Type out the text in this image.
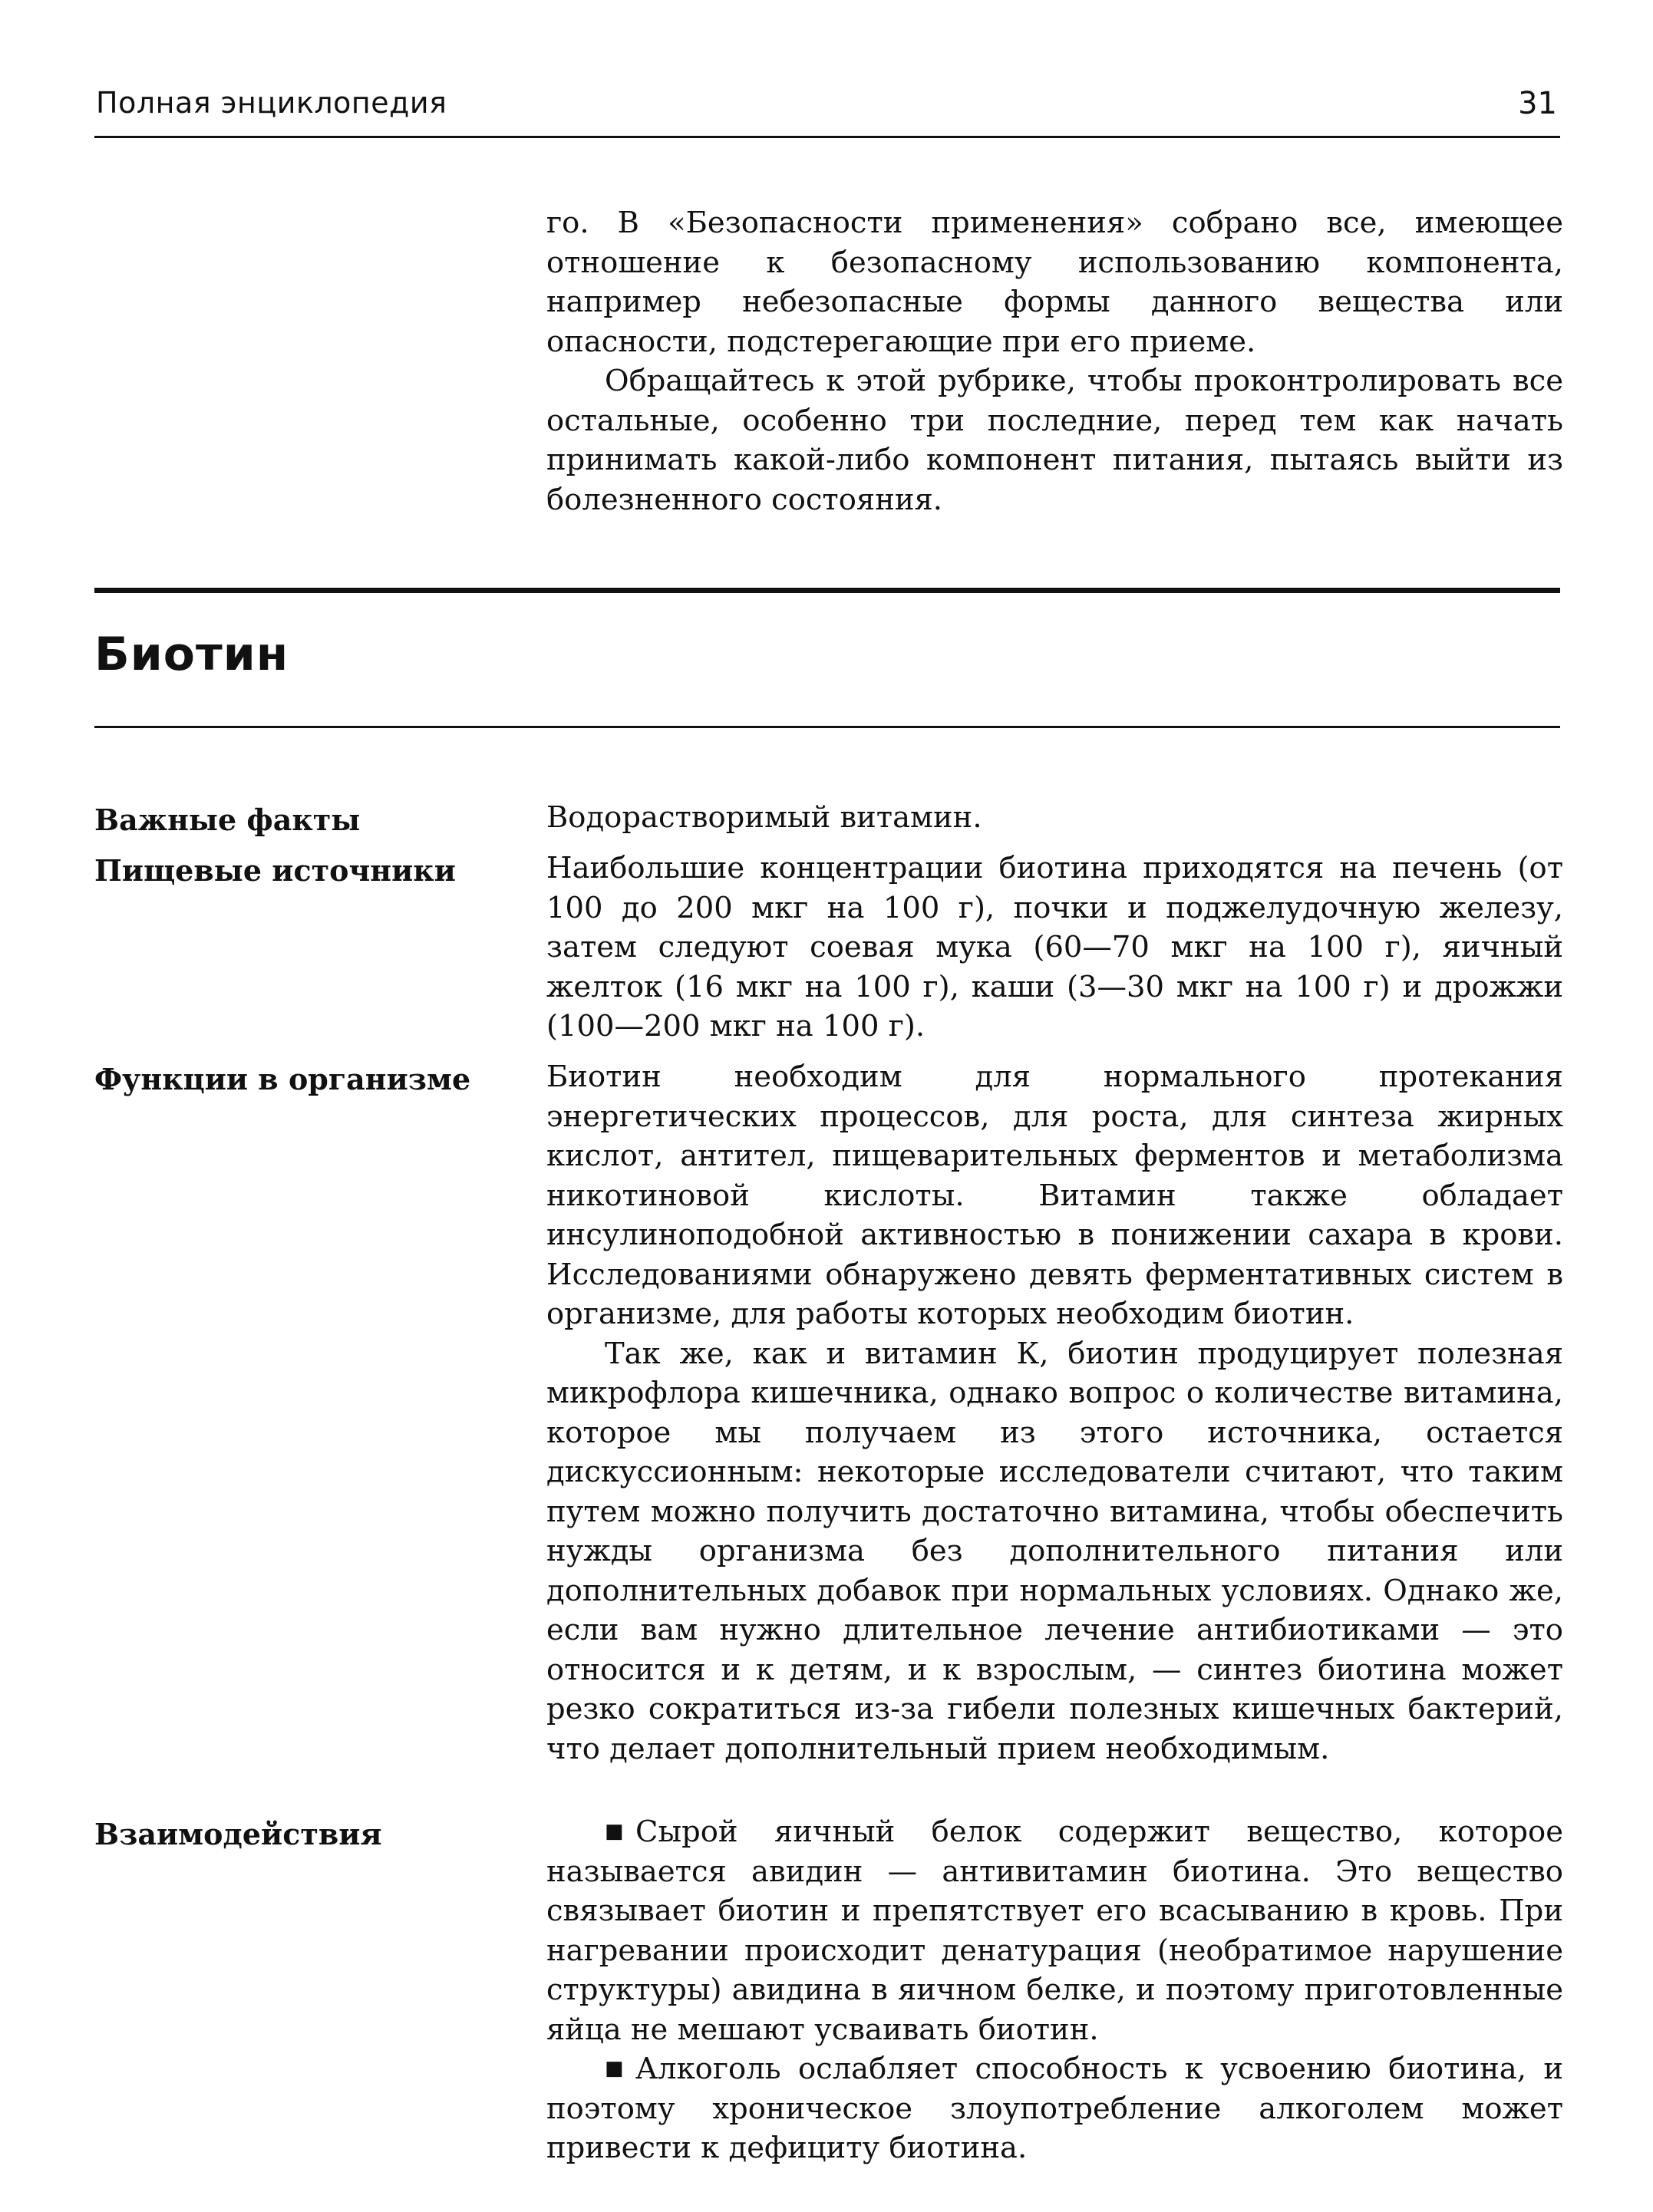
Полная энциклопедия	31

го. В «Безопасности применения» собрано все, имеющее отношение к безопасному использованию компонента, например небезопасные формы данного вещества или опасности, подстерегающие при его приеме.

Обращайтесь к этой рубрике, чтобы проконтролировать все остальные, особенно три последние, перед тем как начать принимать какой-либо компонент питания, пытаясь выйти из болезненного состояния.

Биотин
Важные факты	Водорастворимый витамин.

Пищевые источники	Наибольшие концентрации биотина приходятся на печень (от 100 до 200 мкг на 100 г), почки и поджелудочную железу, затем следуют соевая мука (60—70 мкг на 100 г), яичный желток (16 мкг на 100 г), каши (3—30 мкг на 100 г) и дрожжи (100—200 мкг на 100 г).

Функции в организме	Биотин необходим для нормального протекания энергетических процессов, для роста, для синтеза жирных кислот, антител, пищеварительных ферментов и метаболизма никотиновой кислоты. Витамин также обладает инсулиноподобной активностью в понижении сахара в крови. Исследованиями обнаружено девять ферментативных систем в организме, для работы которых необходим биотин.

Так же, как и витамин К, биотин продуцирует полезная микрофлора кишечника, однако вопрос о количестве витамина, которое мы получаем из этого источника, остается дискуссионным: некоторые исследователи считают, что таким путем можно получить достаточно витамина, чтобы обеспечить нужды организма без дополнительного питания или дополнительных добавок при нормальных условиях. Однако же, если вам нужно длительное лечение антибиотиками — это относится и к детям, и к взрослым, — синтез биотина может резко сократиться из-за гибели полезных кишечных бактерий, что делает дополнительный прием необходимым.

Взаимодействия	■ Сырой яичный белок содержит вещество, которое называется авидин — антивитамин биотина. Это вещество связывает биотин и препятствует его всасыванию в кровь. При нагревании происходит денатурация (необратимое нарушение структуры) авидина в яичном белке, и поэтому приготовленные яйца не мешают усваивать биотин.

■ Алкоголь ослабляет способность к усвоению биотина, и поэтому хроническое злоупотребление алкоголем может привести к дефициту биотина.
